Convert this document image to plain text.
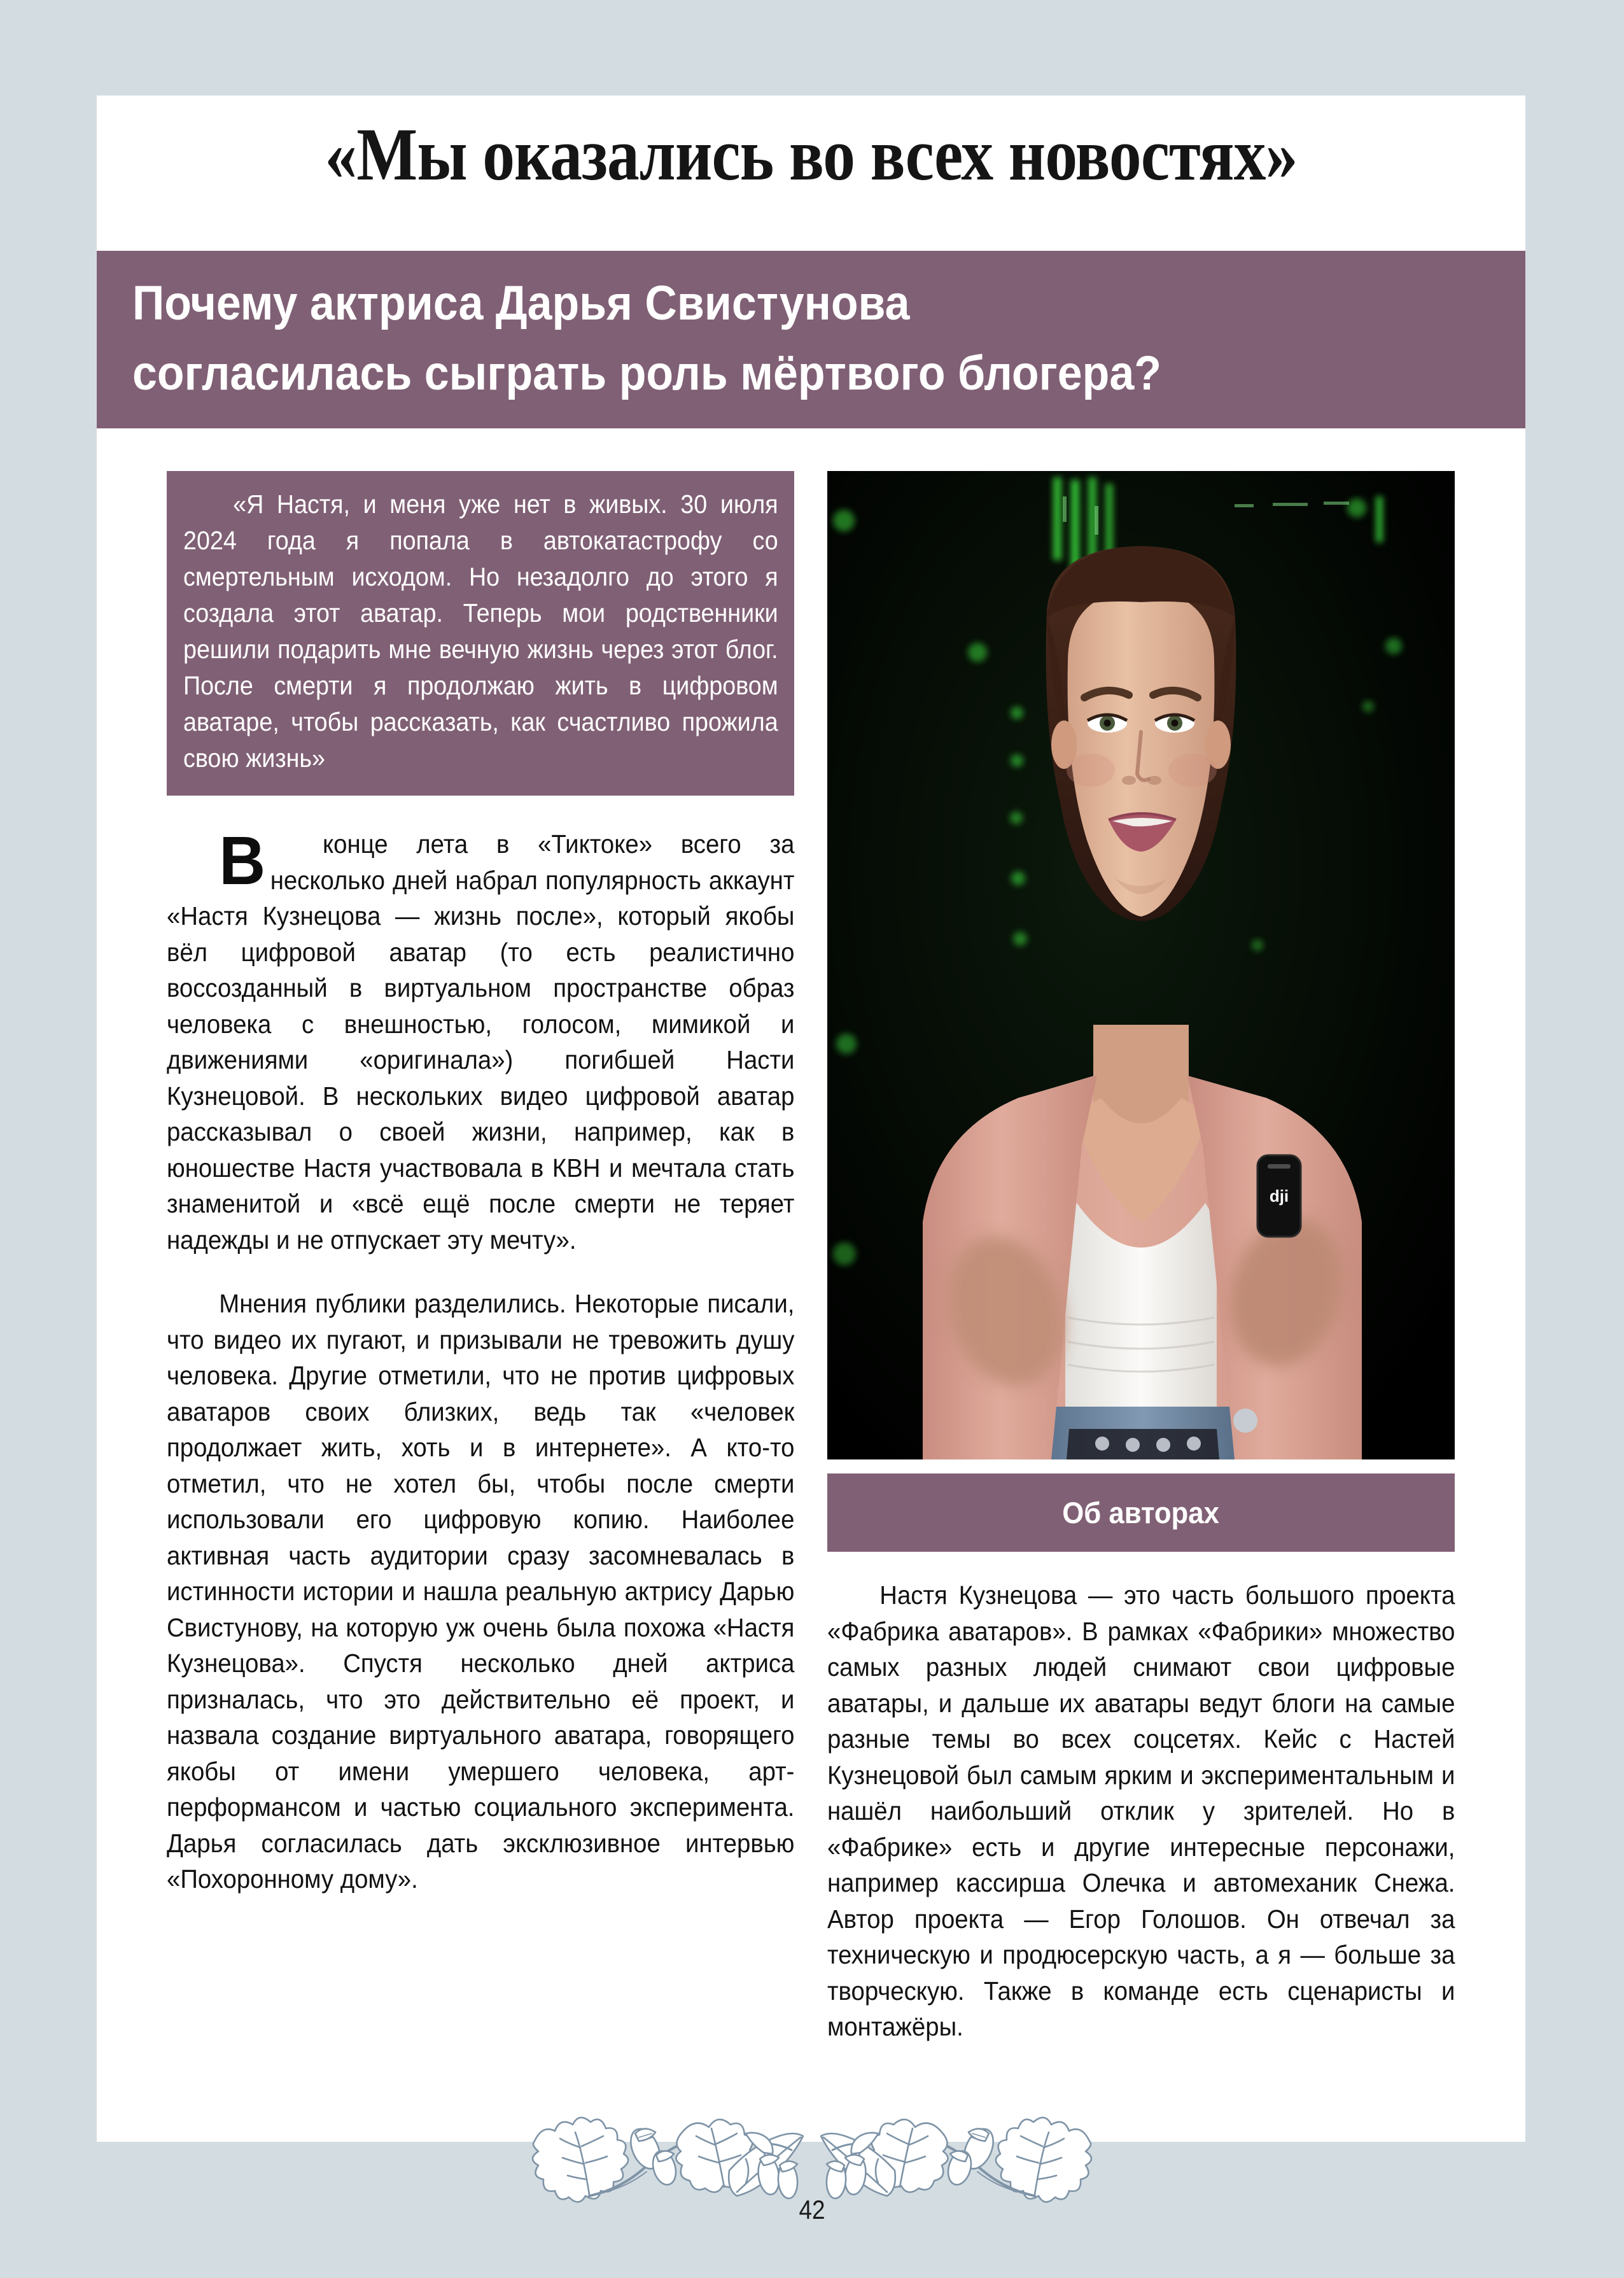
«Мы оказались во всех новостях»
Почему актриса Дарья Свистунова
согласилась сыграть роль мёртвого блогера?
«Я Настя, и меня уже нет в живых. 30 июля 2024 года я попала в автокатастрофу со смертельным исходом. Но незадолго до этого я создала этот аватар. Теперь мои родственники решили подарить мне вечную жизнь через этот блог. После смерти я продолжаю жить в цифровом аватаре, чтобы рассказать, как счастливо прожила свою жизнь»

В конце лета в «Тиктоке» всего за несколько дней набрал популярность аккаунт «Настя Кузнецова — жизнь после», который якобы вёл цифровой аватар (то есть реалистично воссозданный в виртуальном пространстве образ человека с внешностью, голосом, мимикой и движениями «оригинала») погибшей Насти Кузнецовой. В нескольких видео цифровой аватар рассказывал о своей жизни, например, как в юношестве Настя участвовала в КВН и мечтала стать знаменитой и «всё ещё после смерти не теряет надежды и не отпускает эту мечту».

Мнения публики разделились. Некоторые писали, что видео их пугают, и призывали не тревожить душу человека. Другие отметили, что не против цифровых аватаров своих близких, ведь так «человек продолжает жить, хоть и в интернете». А кто-то отметил, что не хотел бы, чтобы после смерти использовали его цифровую копию. Наиболее активная часть аудитории сразу засомневалась в истинности истории и нашла реальную актрису Дарью Свистунову, на которую уж очень была похожа «Настя Кузнецова». Спустя несколько дней актриса призналась, что это действительно её проект, и назвала создание виртуального аватара, говорящего якобы от имени умершего человека, арт-перформансом и частью социального эксперимента. Дарья согласилась дать эксклюзивное интервью «Похоронному дому».

dji
Об авторах

Настя Кузнецова — это часть большого проекта «Фабрика аватаров». В рамках «Фабрики» множество самых разных людей снимают свои цифровые аватары, и дальше их аватары ведут блоги на самые разные темы во всех соцсетях. Кейс с Настей Кузнецовой был самым ярким и экспериментальным и нашёл наибольший отклик у зрителей. Но в «Фабрике» есть и другие интересные персонажи, например кассирша Олечка и автомеханик Снежа. Автор проекта — Егор Голошов. Он отвечал за техническую и продюсерскую часть, а я — больше за творческую. Также в команде есть сценаристы и монтажёры.

42
